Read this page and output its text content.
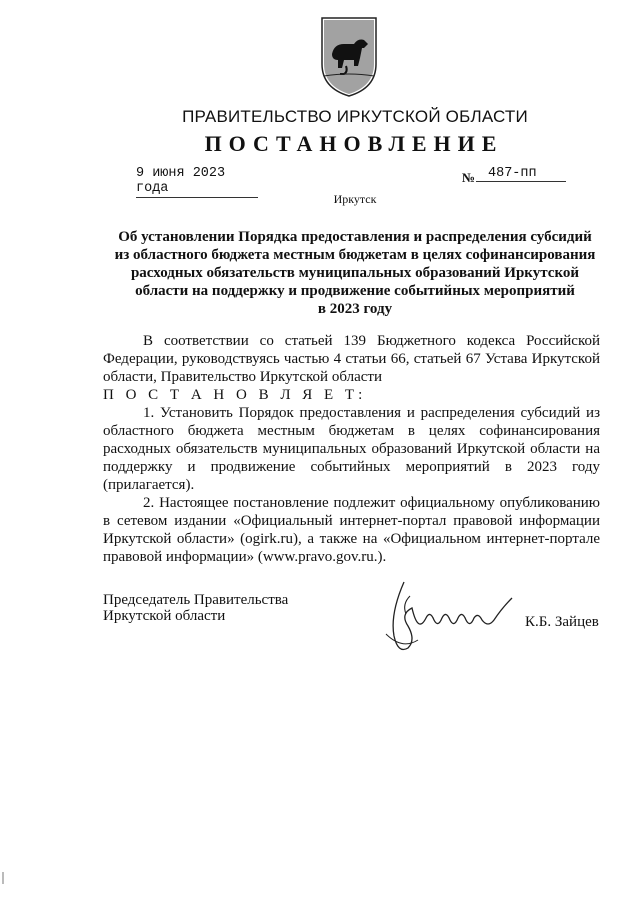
ПРАВИТЕЛЬСТВО ИРКУТСКОЙ ОБЛАСТИ
ПОСТАНОВЛЕНИЕ
9 июня 2023 года
№ 487-пп
Иркутск
Об установлении Порядка предоставления и распределения субсидий
из областного бюджета местным бюджетам в целях софинансирования
расходных обязательств муниципальных образований Иркутской
области на поддержку и продвижение событийных мероприятий
в 2023 году

В соответствии со статьей 139 Бюджетного кодекса Российской Федерации, руководствуясь частью 4 статьи 66, статьей 67 Устава Иркутской области, Правительство Иркутской области

П О С Т А Н О В Л Я Е Т:

1. Установить Порядок предоставления и распределения субсидий из областного бюджета местным бюджетам в целях софинансирования расходных обязательств муниципальных образований Иркутской области на поддержку и продвижение событийных мероприятий в 2023 году (прилагается).

2. Настоящее постановление подлежит официальному опубликованию в сетевом издании «Официальный интернет-портал правовой информации Иркутской области» (ogirk.ru), а также на «Официальном интернет-портале правовой информации» (www.pravo.gov.ru.).

Председатель Правительства
Иркутской области	К.Б. Зайцев
